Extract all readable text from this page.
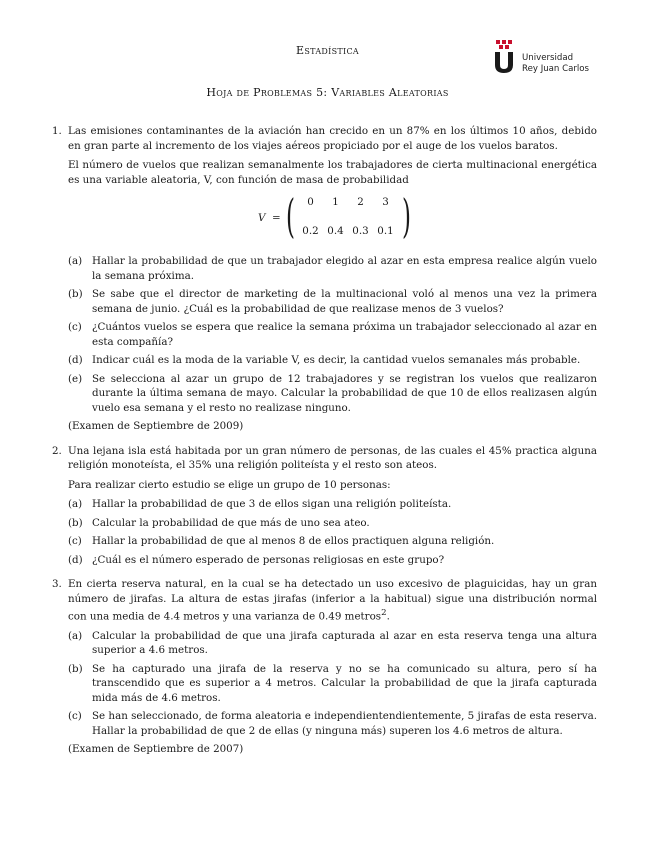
Estadística
Universidad
Rey Juan Carlos
Hoja de Problemas 5: Variables Aleatorias
1. Las emisiones contaminantes de la aviación han crecido en un 87% en los últimos 10 años, debido en gran parte al incremento de los viajes aéreos propiciado por el auge de los vuelos baratos.

El número de vuelos que realizan semanalmente los trabajadores de cierta multinacional energética es una variable aleatoria, V, con función de masa de probabilidad

V = (	0	1	2	3
0.2 0.4 0.3 0.1 )
(a) Hallar la probabilidad de que un trabajador elegido al azar en esta empresa realice algún vuelo la semana próxima.
(b) Se sabe que el director de marketing de la multinacional voló al menos una vez la primera semana de junio. ¿Cuál es la probabilidad de que realizase menos de 3 vuelos?
(c) ¿Cuántos vuelos se espera que realice la semana próxima un trabajador seleccionado al azar en esta compañía?
(d) Indicar cuál es la moda de la variable V, es decir, la cantidad vuelos semanales más probable.
(e) Se selecciona al azar un grupo de 12 trabajadores y se registran los vuelos que realizaron durante la última semana de mayo. Calcular la probabilidad de que 10 de ellos realizasen algún vuelo esa semana y el resto no realizase ninguno.

(Examen de Septiembre de 2009)

2. Una lejana isla está habitada por un gran número de personas, de las cuales el 45% practica alguna religión monoteísta, el 35% una religión politeísta y el resto son ateos.

Para realizar cierto estudio se elige un grupo de 10 personas:

(a) Hallar la probabilidad de que 3 de ellos sigan una religión politeísta.
(b) Calcular la probabilidad de que más de uno sea ateo.
(c) Hallar la probabilidad de que al menos 8 de ellos practiquen alguna religión.
(d) ¿Cuál es el número esperado de personas religiosas en este grupo?
3. En cierta reserva natural, en la cual se ha detectado un uso excesivo de plaguicidas, hay un gran número de jirafas. La altura de estas jirafas (inferior a la habitual) sigue una distribución normal con una media de 4.4 metros y una varianza de 0.49 metros$^2$.

(a) Calcular la probabilidad de que una jirafa capturada al azar en esta reserva tenga una altura superior a 4.6 metros.
(b) Se ha capturado una jirafa de la reserva y no se ha comunicado su altura, pero sí ha transcendido que es superior a 4 metros. Calcular la probabilidad de que la jirafa capturada mida más de 4.6 metros.
(c) Se han seleccionado, de forma aleatoria e independientendientemente, 5 jirafas de esta reserva. Hallar la probabilidad de que 2 de ellas (y ninguna más) superen los 4.6 metros de altura.

(Examen de Septiembre de 2007)
